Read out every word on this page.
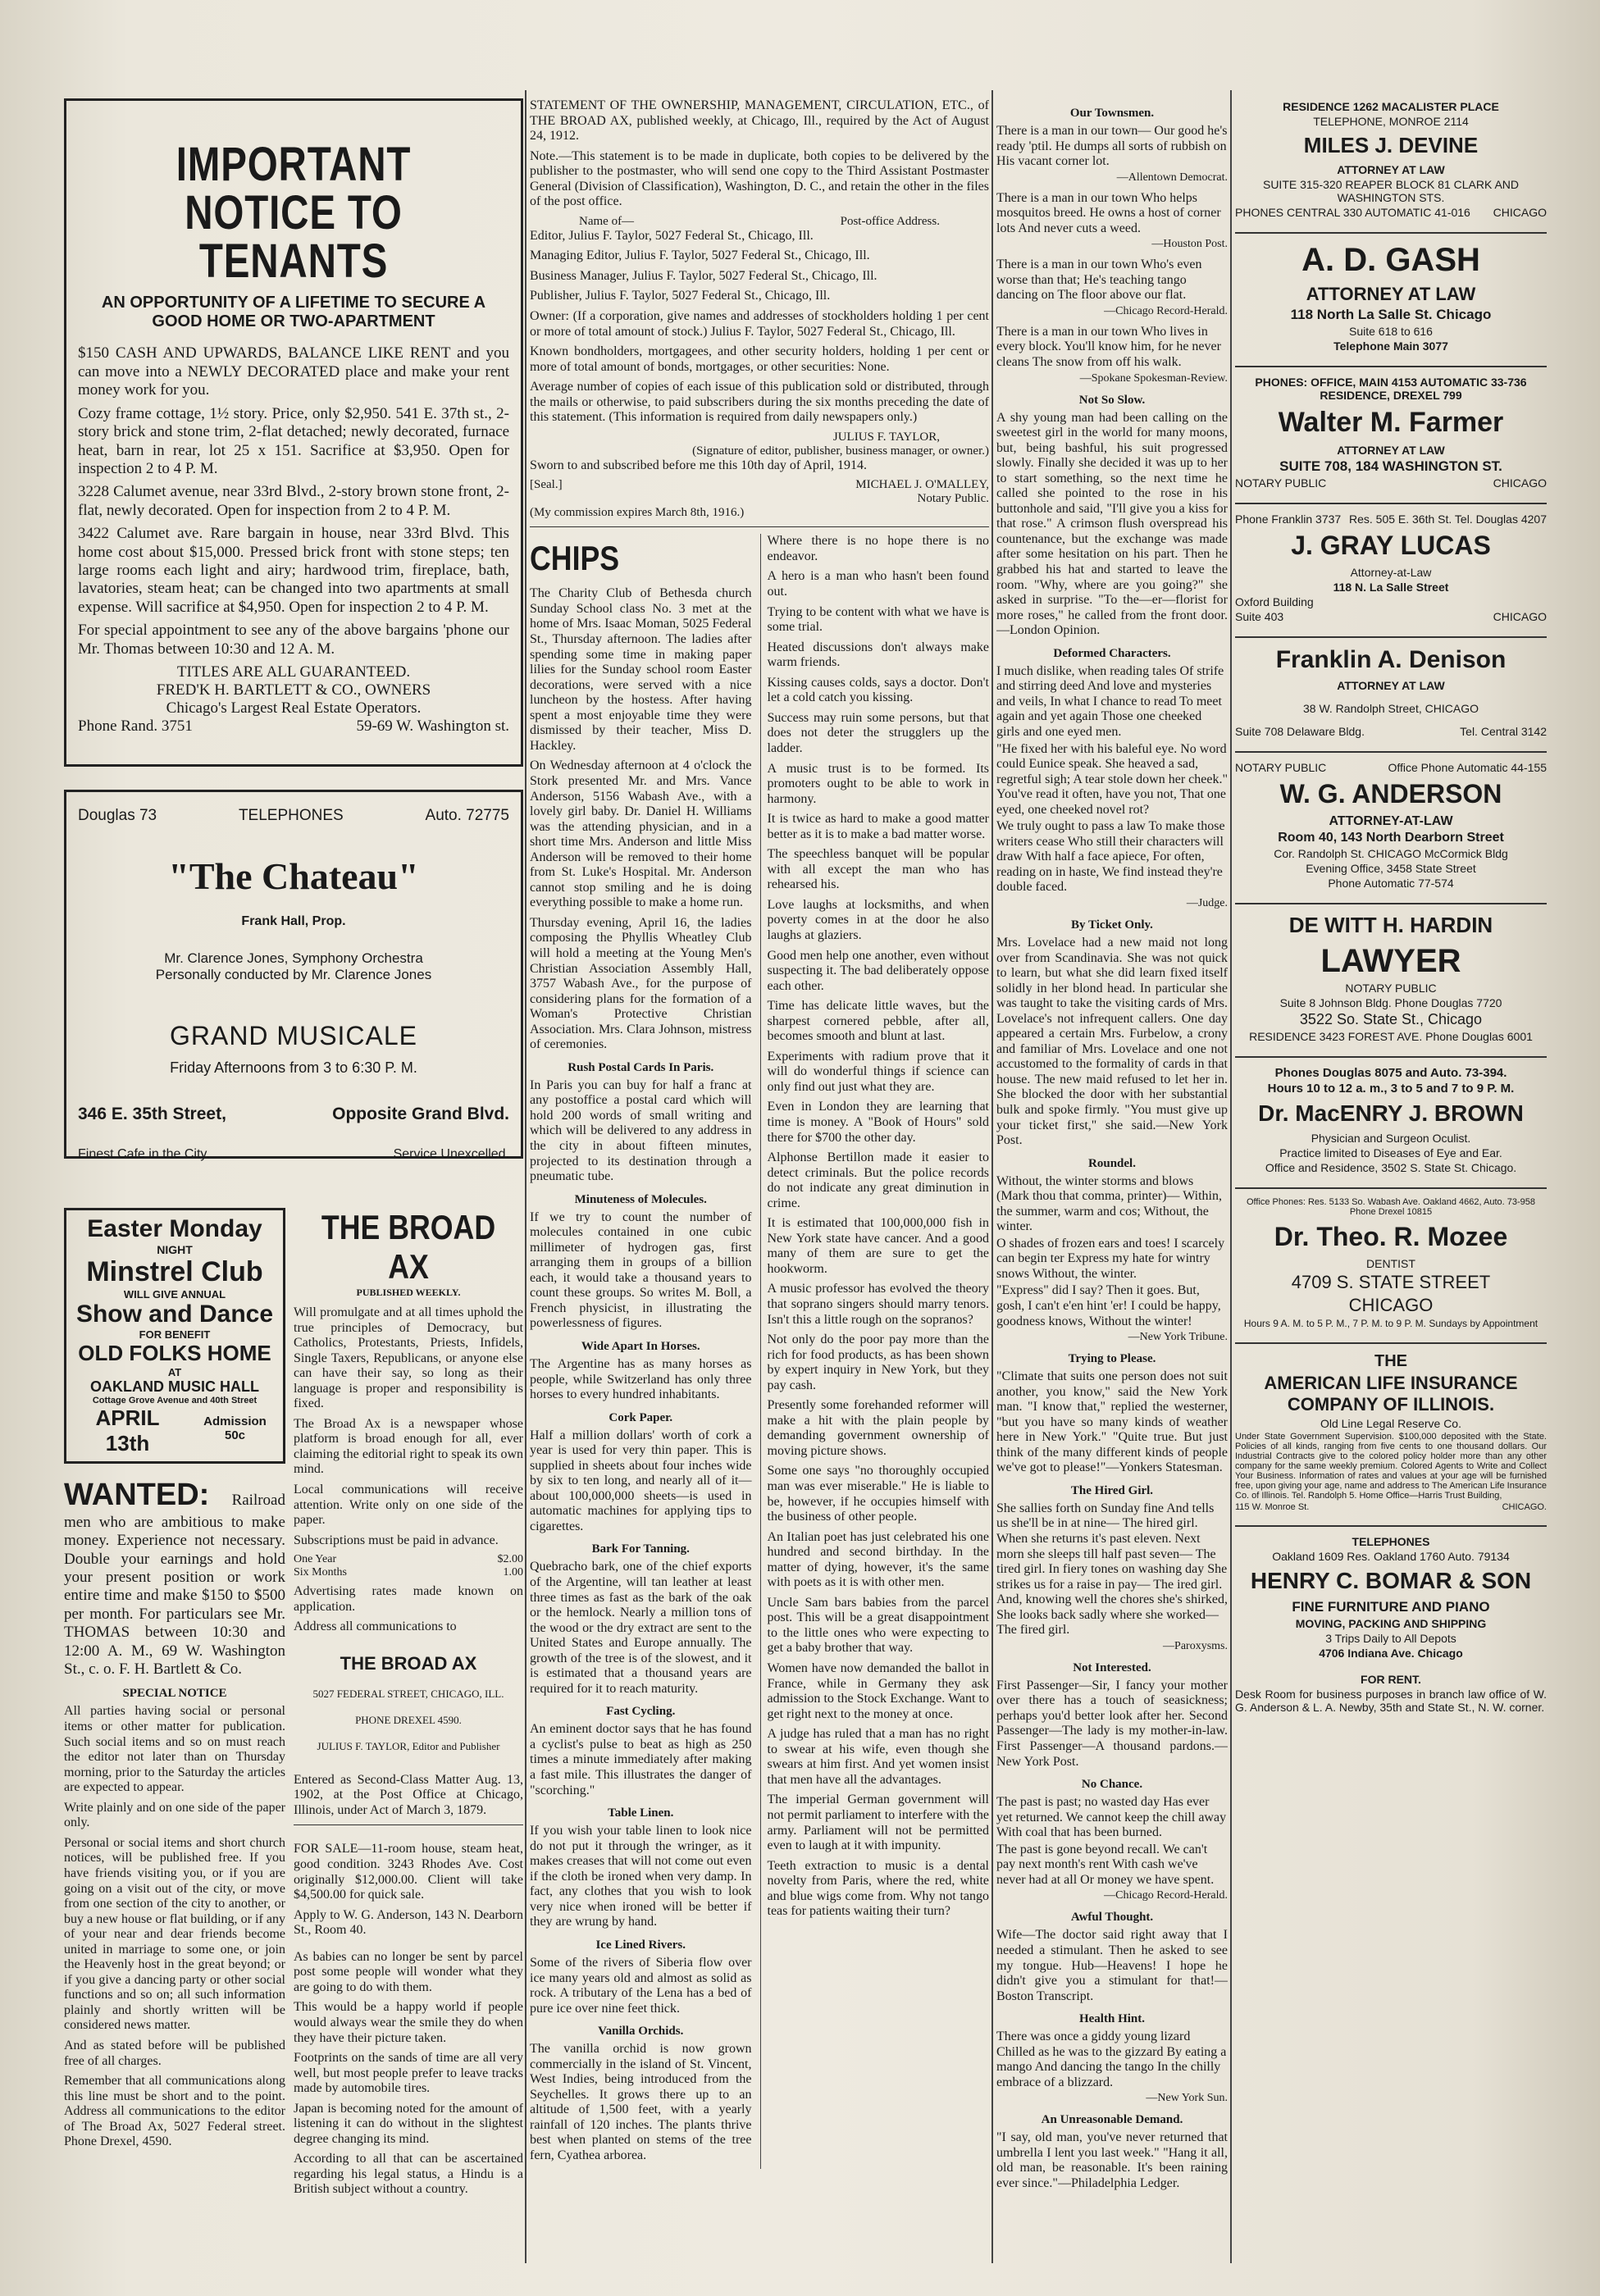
IMPORTANT NOTICE TO TENANTS
AN OPPORTUNITY OF A LIFETIME TO SECURE A GOOD HOME OR TWO-APARTMENT

$150 CASH AND UPWARDS, BALANCE LIKE RENT and you can move into a NEWLY DECORATED place and make your rent money work for you.

Cozy frame cottage, 1½ story. Price, only $2,950. 541 E. 37th st., 2-story brick and stone trim, 2-flat detached; newly decorated, furnace heat, barn in rear, lot 25 x 151. Sacrifice at $3,950. Open for inspection 2 to 4 P. M.

3228 Calumet avenue, near 33rd Blvd., 2-story brown stone front, 2-flat, newly decorated. Open for inspection from 2 to 4 P. M.

3422 Calumet ave. Rare bargain in house, near 33rd Blvd. This home cost about $15,000. Pressed brick front with stone steps; ten large rooms each light and airy; hardwood trim, fireplace, bath, lavatories, steam heat; can be changed into two apartments at small expense. Will sacrifice at $4,950. Open for inspection 2 to 4 P. M.

For special appointment to see any of the above bargains 'phone our Mr. Thomas between 10:30 and 12 A. M.

TITLES ARE ALL GUARANTEED.
FRED'K H. BARTLETT & CO., OWNERS
Chicago's Largest Real Estate Operators.
Phone Rand. 3751	59-69 W. Washington st.
Douglas 73	TELEPHONES	Auto. 72775
"The Chateau"
Frank Hall, Prop.
Mr. Clarence Jones, Symphony Orchestra
Personally conducted by Mr. Clarence Jones
GRAND MUSICALE
Friday Afternoons from 3 to 6:30 P. M.
346 E. 35th Street,	Opposite Grand Blvd.
Finest Cafe in the City.	Service Unexcelled.
Easter Monday
NIGHT
Minstrel Club
WILL GIVE ANNUAL
Show and Dance
FOR BENEFIT
OLD FOLKS HOME
AT
OAKLAND MUSIC HALL
Cottage Grove Avenue and 40th Street
APRIL 13th
Admission 50c

WANTED: Railroad men who are ambitious to make money. Experience not necessary. Double your earnings and hold your present position or work entire time and make $150 to $500 per month. For particulars see Mr. THOMAS between 10:30 and 12:00 A. M., 69 W. Washington St., c. o. F. H. Bartlett & Co.

SPECIAL NOTICE

All parties having social or personal items or other matter for publication. Such social items and so on must reach the editor not later than on Thursday morning, prior to the Saturday the articles are expected to appear.

Write plainly and on one side of the paper only.

Personal or social items and short church notices, will be published free. If you have friends visiting you, or if you are going on a visit out of the city, or move from one section of the city to another, or buy a new house or flat building, or if any of your near and dear friends become united in marriage to some one, or join the Heavenly host in the great beyond; or if you give a dancing party or other social functions and so on; all such information plainly and shortly written will be considered news matter.

And as stated before will be published free of all charges.

Remember that all communications along this line must be short and to the point. Address all communications to the editor of The Broad Ax, 5027 Federal street. Phone Drexel, 4590.

THE BROAD AX
PUBLISHED WEEKLY.

Will promulgate and at all times uphold the true principles of Democracy, but Catholics, Protestants, Priests, Infidels, Single Taxers, Republicans, or anyone else can have their say, so long as their language is proper and responsibility is fixed.

The Broad Ax is a newspaper whose platform is broad enough for all, ever claiming the editorial right to speak its own mind.

Local communications will receive attention. Write only on one side of the paper.

Subscriptions must be paid in advance.

One Year	$2.00
Six Months	1.00

Advertising rates made known on application.

Address all communications to

THE BROAD AX
5027 FEDERAL STREET, CHICAGO, ILL.
PHONE DREXEL 4590.
JULIUS F. TAYLOR, Editor and Publisher

Entered as Second-Class Matter Aug. 13, 1902, at the Post Office at Chicago, Illinois, under Act of March 3, 1879.

FOR SALE—11-room house, steam heat, good condition. 3243 Rhodes Ave. Cost originally $12,000.00. Client will take $4,500.00 for quick sale.

Apply to W. G. Anderson, 143 N. Dearborn St., Room 40.

As babies can no longer be sent by parcel post some people will wonder what they are going to do with them.

This would be a happy world if people would always wear the smile they do when they have their picture taken.

Footprints on the sands of time are all very well, but most people prefer to leave tracks made by automobile tires.

Japan is becoming noted for the amount of listening it can do without in the slightest degree changing its mind.

According to all that can be ascertained regarding his legal status, a Hindu is a British subject without a country.

STATEMENT OF THE OWNERSHIP, MANAGEMENT, CIRCULATION, ETC., of THE BROAD AX, published weekly, at Chicago, Ill., required by the Act of August 24, 1912.

Note.—This statement is to be made in duplicate, both copies to be delivered by the publisher to the postmaster, who will send one copy to the Third Assistant Postmaster General (Division of Classification), Washington, D. C., and retain the other in the files of the post office.

Name of—	Post-office Address.

Editor, Julius F. Taylor, 5027 Federal St., Chicago, Ill.

Managing Editor, Julius F. Taylor, 5027 Federal St., Chicago, Ill.

Business Manager, Julius F. Taylor, 5027 Federal St., Chicago, Ill.

Publisher, Julius F. Taylor, 5027 Federal St., Chicago, Ill.

Owner: (If a corporation, give names and addresses of stockholders holding 1 per cent or more of total amount of stock.) Julius F. Taylor, 5027 Federal St., Chicago, Ill.

Known bondholders, mortgagees, and other security holders, holding 1 per cent or more of total amount of bonds, mortgages, or other securities: None.

Average number of copies of each issue of this publication sold or distributed, through the mails or otherwise, to paid subscribers during the six months preceding the date of this statement. (This information is required from daily newspapers only.)

JULIUS F. TAYLOR,
(Signature of editor, publisher, business manager, or owner.)

Sworn to and subscribed before me this 10th day of April, 1914.

[Seal.]	MICHAEL J. O'MALLEY,
Notary Public.
(My commission expires March 8th, 1916.)
CHIPS

The Charity Club of Bethesda church Sunday School class No. 3 met at the home of Mrs. Isaac Moman, 5025 Federal St., Thursday afternoon. The ladies after spending some time in making paper lilies for the Sunday school room Easter decorations, were served with a nice luncheon by the hostess. After having spent a most enjoyable time they were dismissed by their teacher, Miss D. Hackley.

On Wednesday afternoon at 4 o'clock the Stork presented Mr. and Mrs. Vance Anderson, 5156 Wabash Ave., with a lovely girl baby. Dr. Daniel H. Williams was the attending physician, and in a short time Mrs. Anderson and little Miss Anderson will be removed to their home from St. Luke's Hospital. Mr. Anderson cannot stop smiling and he is doing everything possible to make a home run.

Thursday evening, April 16, the ladies composing the Phyllis Wheatley Club will hold a meeting at the Young Men's Christian Association Assembly Hall, 3757 Wabash Ave., for the purpose of considering plans for the formation of a Woman's Protective Christian Association. Mrs. Clara Johnson, mistress of ceremonies.

Rush Postal Cards In Paris.

In Paris you can buy for half a franc at any postoffice a postal card which will hold 200 words of small writing and which will be delivered to any address in the city in about fifteen minutes, projected to its destination through a pneumatic tube.

Minuteness of Molecules.

If we try to count the number of molecules contained in one cubic millimeter of hydrogen gas, first arranging them in groups of a billion each, it would take a thousand years to count these groups. So writes M. Boll, a French physicist, in illustrating the powerlessness of figures.

Wide Apart In Horses.

The Argentine has as many horses as people, while Switzerland has only three horses to every hundred inhabitants.

Cork Paper.

Half a million dollars' worth of cork a year is used for very thin paper. This is supplied in sheets about four inches wide by six to ten long, and nearly all of it—about 100,000,000 sheets—is used in automatic machines for applying tips to cigarettes.

Bark For Tanning.

Quebracho bark, one of the chief exports of the Argentine, will tan leather at least three times as fast as the bark of the oak or the hemlock. Nearly a million tons of the wood or the dry extract are sent to the United States and Europe annually. The growth of the tree is of the slowest, and it is estimated that a thousand years are required for it to reach maturity.

Fast Cycling.

An eminent doctor says that he has found a cyclist's pulse to beat as high as 250 times a minute immediately after making a fast mile. This illustrates the danger of "scorching."

Table Linen.

If you wish your table linen to look nice do not put it through the wringer, as it makes creases that will not come out even if the cloth be ironed when very damp. In fact, any clothes that you wish to look very nice when ironed will be better if they are wrung by hand.

Ice Lined Rivers.

Some of the rivers of Siberia flow over ice many years old and almost as solid as rock. A tributary of the Lena has a bed of pure ice over nine feet thick.

Vanilla Orchids.

The vanilla orchid is now grown commercially in the island of St. Vincent, West Indies, being introduced from the Seychelles. It grows there up to an altitude of 1,500 feet, with a yearly rainfall of 120 inches. The plants thrive best when planted on stems of the tree fern, Cyathea arborea.

Where there is no hope there is no endeavor.

A hero is a man who hasn't been found out.

Trying to be content with what we have is some trial.

Heated discussions don't always make warm friends.

Kissing causes colds, says a doctor. Don't let a cold catch you kissing.

Success may ruin some persons, but that does not deter the strugglers up the ladder.

A music trust is to be formed. Its promoters ought to be able to work in harmony.

It is twice as hard to make a good matter better as it is to make a bad matter worse.

The speechless banquet will be popular with all except the man who has rehearsed his.

Love laughs at locksmiths, and when poverty comes in at the door he also laughs at glaziers.

Good men help one another, even without suspecting it. The bad deliberately oppose each other.

Time has delicate little waves, but the sharpest cornered pebble, after all, becomes smooth and blunt at last.

Experiments with radium prove that it will do wonderful things if science can only find out just what they are.

Even in London they are learning that time is money. A "Book of Hours" sold there for $700 the other day.

Alphonse Bertillon made it easier to detect criminals. But the police records do not indicate any great diminution in crime.

It is estimated that 100,000,000 fish in New York state have cancer. And a good many of them are sure to get the hookworm.

A music professor has evolved the theory that soprano singers should marry tenors. Isn't this a little rough on the sopranos?

Not only do the poor pay more than the rich for food products, as has been shown by expert inquiry in New York, but they pay cash.

Presently some forehanded reformer will make a hit with the plain people by demanding government ownership of moving picture shows.

Some one says "no thoroughly occupied man was ever miserable." He is liable to be, however, if he occupies himself with the business of other people.

An Italian poet has just celebrated his one hundred and second birthday. In the matter of dying, however, it's the same with poets as it is with other men.

Uncle Sam bars babies from the parcel post. This will be a great disappointment to the little ones who were expecting to get a baby brother that way.

Women have now demanded the ballot in France, while in Germany they ask admission to the Stock Exchange. Want to get right next to the money at once.

A judge has ruled that a man has no right to swear at his wife, even though she swears at him first. And yet women insist that men have all the advantages.

The imperial German government will not permit parliament to interfere with the army. Parliament will not be permitted even to laugh at it with impunity.

Teeth extraction to music is a dental novelty from Paris, where the red, white and blue wigs come from. Why not tango teas for patients waiting their turn?

Our Townsmen.

There is a man in our town— Our good he's ready 'ptil. He dumps all sorts of rubbish on His vacant corner lot.

—Allentown Democrat.

There is a man in our town Who helps mosquitos breed. He owns a host of corner lots And never cuts a weed.

—Houston Post.

There is a man in our town Who's even worse than that; He's teaching tango dancing on The floor above our flat.

—Chicago Record-Herald.

There is a man in our town Who lives in every block. You'll know him, for he never cleans The snow from off his walk.

—Spokane Spokesman-Review.
Not So Slow.

A shy young man had been calling on the sweetest girl in the world for many moons, but, being bashful, his suit progressed slowly. Finally she decided it was up to her to start something, so the next time he called she pointed to the rose in his buttonhole and said, "I'll give you a kiss for that rose." A crimson flush overspread his countenance, but the exchange was made after some hesitation on his part. Then he grabbed his hat and started to leave the room. "Why, where are you going?" she asked in surprise. "To the—er—florist for more roses," he called from the front door.—London Opinion.

Deformed Characters.

I much dislike, when reading tales Of strife and stirring deed And love and mysteries and veils, In what I chance to read To meet again and yet again Those one cheeked girls and one eyed men.

"He fixed her with his baleful eye. No word could Eunice speak. She heaved a sad, regretful sigh; A tear stole down her cheek." You've read it often, have you not, That one eyed, one cheeked novel rot?

We truly ought to pass a law To make those writers cease Who still their characters will draw With half a face apiece, For often, reading on in haste, We find instead they're double faced.

—Judge.
By Ticket Only.

Mrs. Lovelace had a new maid not long over from Scandinavia. She was not quick to learn, but what she did learn fixed itself solidly in her blond head. In particular she was taught to take the visiting cards of Mrs. Lovelace's not infrequent callers. One day appeared a certain Mrs. Furbelow, a crony and familiar of Mrs. Lovelace and one not accustomed to the formality of cards in that house. The new maid refused to let her in. She blocked the door with her substantial bulk and spoke firmly. "You must give up your ticket first," she said.—New York Post.

Roundel.

Without, the winter storms and blows (Mark thou that comma, printer)— Within, the summer, warm and cos; Without, the winter.

O shades of frozen ears and toes! I scarcely can begin ter Express my hate for wintry snows Without, the winter.

"Express" did I say? Then it goes. But, gosh, I can't e'en hint 'er! I could be happy, goodness knows, Without the winter!

—New York Tribune.
Trying to Please.

"Climate that suits one person does not suit another, you know," said the New York man. "I know that," replied the westerner, "but you have so many kinds of weather here in New York." "Quite true. But just think of the many different kinds of people we've got to please!"—Yonkers Statesman.

The Hired Girl.

She sallies forth on Sunday fine And tells us she'll be in at nine— The hired girl. When she returns it's past eleven. Next morn she sleeps till half past seven— The tired girl. In fiery tones on washing day She strikes us for a raise in pay— The ired girl. And, knowing well the chores she's shirked, She looks back sadly where she worked— The fired girl.

—Paroxysms.
Not Interested.

First Passenger—Sir, I fancy your mother over there has a touch of seasickness; perhaps you'd better look after her. Second Passenger—The lady is my mother-in-law. First Passenger—A thousand pardons.—New York Post.

No Chance.

The past is past; no wasted day Has ever yet returned. We cannot keep the chill away With coal that has been burned.

The past is gone beyond recall. We can't pay next month's rent With cash we've never had at all Or money we have spent.

—Chicago Record-Herald.
Awful Thought.

Wife—The doctor said right away that I needed a stimulant. Then he asked to see my tongue. Hub—Heavens! I hope he didn't give you a stimulant for that!—Boston Transcript.

Health Hint.

There was once a giddy young lizard Chilled as he was to the gizzard By eating a mango And dancing the tango In the chilly embrace of a blizzard.

—New York Sun.
An Unreasonable Demand.

"I say, old man, you've never returned that umbrella I lent you last week." "Hang it all, old man, be reasonable. It's been raining ever since."—Philadelphia Ledger.

RESIDENCE 1262 MACALISTER PLACE
TELEPHONE, MONROE 2114
MILES J. DEVINE
ATTORNEY AT LAW
SUITE 315-320 REAPER BLOCK 81 CLARK AND WASHINGTON STS.
PHONES CENTRAL 330 AUTOMATIC 41-016 CHICAGO
A. D. GASH
ATTORNEY AT LAW
118 North La Salle St. Chicago
Suite 618 to 616
Telephone Main 3077
PHONES: OFFICE, MAIN 4153 AUTOMATIC 33-736 RESIDENCE, DREXEL 799
Walter M. Farmer
ATTORNEY AT LAW
SUITE 708, 184 WASHINGTON ST.
NOTARY PUBLIC	CHICAGO
Phone Franklin 3737 Res. 505 E. 36th St. Tel. Douglas 4207
J. GRAY LUCAS
Attorney-at-Law
118 N. La Salle Street
Oxford Building
Suite 403	CHICAGO
Franklin A. Denison
ATTORNEY AT LAW
38 W. Randolph Street, CHICAGO
Suite 708 Delaware Bldg.	Tel. Central 3142
NOTARY PUBLIC	Office Phone Automatic 44-155
W. G. ANDERSON
ATTORNEY-AT-LAW
Room 40, 143 North Dearborn Street
Cor. Randolph St. CHICAGO McCormick Bldg
Evening Office, 3458 State Street
Phone Automatic 77-574
DE WITT H. HARDIN
LAWYER
NOTARY PUBLIC
Suite 8 Johnson Bldg. Phone Douglas 7720
3522 So. State St., Chicago
RESIDENCE 3423 FOREST AVE. Phone Douglas 6001
Phones Douglas 8075 and Auto. 73-394.
Hours 10 to 12 a. m., 3 to 5 and 7 to 9 P. M.
Dr. MacENRY J. BROWN
Physician and Surgeon Oculist.
Practice limited to Diseases of Eye and Ear.
Office and Residence, 3502 S. State St. Chicago.
Office Phones: Res. 5133 So. Wabash Ave. Oakland 4662, Auto. 73-958 Phone Drexel 10815
Dr. Theo. R. Mozee
DENTIST
4709 S. STATE STREET
CHICAGO
Hours 9 A. M. to 5 P. M., 7 P. M. to 9 P. M. Sundays by Appointment
THE
AMERICAN LIFE INSURANCE COMPANY OF ILLINOIS.
Old Line Legal Reserve Co.
Under State Government Supervision. $100,000 deposited with the State. Policies of all kinds, ranging from five cents to one thousand dollars. Our Industrial Contracts give to the colored policy holder more than any other company for the same weekly premium. Colored Agents to Write and Collect Your Business. Information of rates and values at your age will be furnished free, upon giving your age, name and address to The American Life Insurance Co. of Illinois. Tel. Randolph 5. Home Office—Harris Trust Building,
115 W. Monroe St.	CHICAGO.
TELEPHONES
Oakland 1609 Res. Oakland 1760 Auto. 79134
HENRY C. BOMAR & SON
FINE FURNITURE AND PIANO
MOVING, PACKING AND SHIPPING
3 Trips Daily to All Depots
4706 Indiana Ave. Chicago
FOR RENT.
Desk Room for business purposes in branch law office of W. G. Anderson & L. A. Newby, 35th and State St., N. W. corner.
